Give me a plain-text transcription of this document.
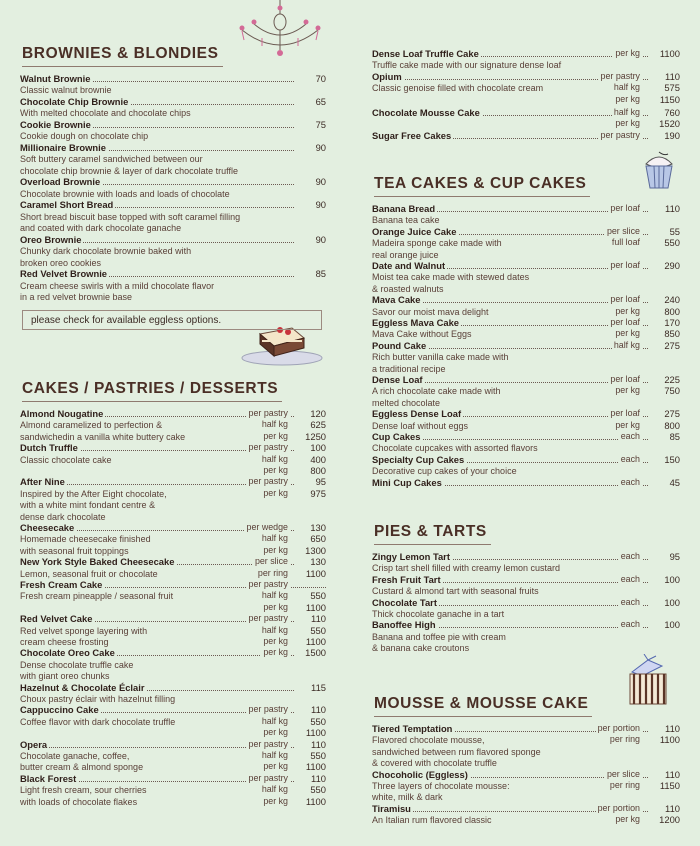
please check for available eggless options.
BROWNIES & BLONDIES
Walnut Brownie	70
Classic walnut brownie
Chocolate Chip Brownie	65
With melted chocolate and chocolate chips
Cookie Brownie	75
Cookie dough on chocolate chip
Millionaire Brownie	90
Soft buttery caramel sandwiched between our
chocolate chip brownie & layer of dark chocolate truffle
Overload Brownie	90
Chocolate brownie with loads and loads of chocolate
Caramel Short Bread	90
Short bread biscuit base topped with soft caramel filling
and coated with dark chocolate ganache
Oreo Brownie	90
Chunky dark chocolate brownie baked with
broken oreo cookies
Red Velvet Brownie	85
Cream cheese swirls with a mild chocolate flavor
in a red velvet brownie base
CAKES / PASTRIES / DESSERTS
Almond Nougatine	per pastry	120
Almond caramelized to perfection &	half kg	625
sandwichedin a vanilla white buttery cake	per kg	1250
Dutch Truffle	per pastry	100
Classic chocolate cake	half kg	400
per kg	800
After Nine	per pastry	95
Inspired by the After Eight chocolate,	per kg	975
with a white mint fondant centre &
dense dark chocolate
Cheesecake	per wedge	130
Homemade cheesecake finished	half kg	650
with seasonal fruit toppings	per kg	1300
New York Style Baked Cheesecake	per slice	130
Lemon, seasonal fruit or chocolate	per ring	1100
Fresh Cream Cake	per pastry
Fresh cream pineapple / seasonal fruit	half kg	550
per kg	1100
Red Velvet Cake	per pastry	110
Red velvet sponge layering with	half kg	550
cream cheese frosting	per kg	1100
Chocolate Oreo Cake	per kg	1500
Dense chocolate truffle cake
with giant oreo chunks
Hazelnut & Chocolate Éclair	115
Choux pastry éclair with hazelnut filling
Cappuccino Cake	per pastry	110
Coffee flavor with dark chocolate truffle	half kg	550
per kg	1100
Opera	per pastry	110
Chocolate ganache, coffee,	half kg	550
butter cream & almond sponge	per kg	1100
Black Forest	per pastry	110
Light fresh cream, sour cherries	half kg	550
with loads of chocolate flakes	per kg	1100
Dense Loaf Truffle Cake	per kg	1100
Truffle cake made with our signature dense loaf
Opium	per pastry	110
Classic genoise filled with chocolate cream	half kg	575
per kg	1150
Chocolate Mousse Cake	half kg	760
per kg	1520
Sugar Free Cakes	per pastry	190
TEA CAKES & CUP CAKES
Banana Bread	per loaf	110
Banana tea cake
Orange Juice Cake	per slice	55
Madeira sponge cake made with	full loaf	550
real orange juice
Date and Walnut	per loaf	290
Moist tea cake made with stewed dates
& roasted walnuts
Mava Cake	per loaf	240
Savor our moist mava delight	per kg	800
Eggless Mava Cake	per loaf	170
Mava Cake without Eggs	per kg	850
Pound Cake	half kg	275
Rich butter vanilla cake made with
a traditional recipe
Dense Loaf	per loaf	225
A rich chocolate cake made with	per kg	750
melted chocolate
Eggless Dense Loaf	per loaf	275
Dense loaf without eggs	per kg	800
Cup Cakes	each	85
Chocolate cupcakes with assorted flavors
Specialty Cup Cakes	each	150
Decorative cup cakes of your choice
Mini Cup Cakes	each	45
PIES & TARTS
Zingy Lemon Tart	each	95
Crisp tart shell filled with creamy lemon custard
Fresh Fruit Tart	each	100
Custard & almond tart with seasonal fruits
Chocolate Tart	each	100
Thick chocolate ganache in a tart
Banoffee High	each	100
Banana and toffee pie with cream
& banana cake croutons
MOUSSE & MOUSSE CAKE
Tiered Temptation	per portion	110
Flavored chocolate mousse,	per ring	1100
sandwiched between rum flavored sponge
& covered with chocolate truffle
Chocoholic (Eggless)	per slice	110
Three layers of chocolate mousse:	per ring	1150
white, milk & dark
Tiramisu	per portion	110
An Italian rum flavored classic	per kg	1200
